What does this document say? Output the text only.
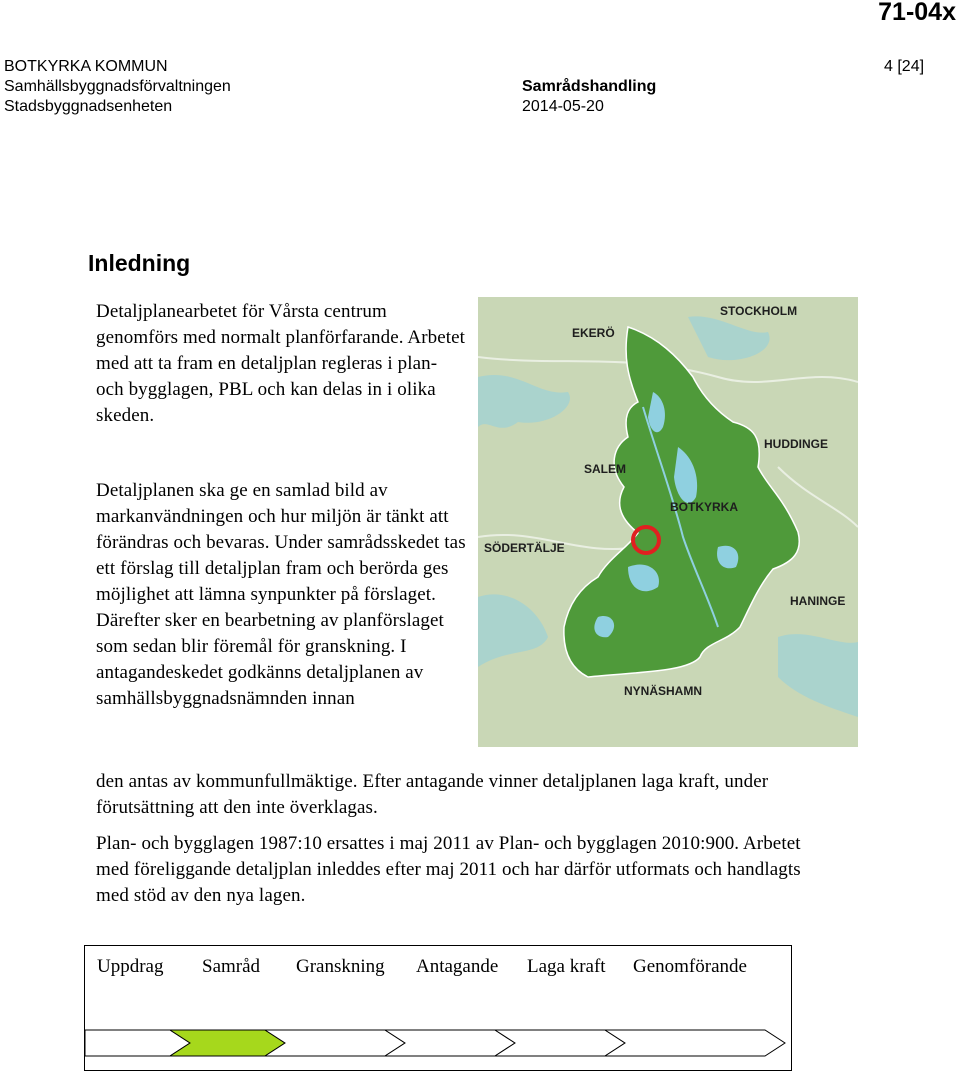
71-04x
BOTKYRKA KOMMUN
Samhällsbyggnadsförvaltningen
Stadsbyggnadsenheten
Samrådshandling
2014-05-20
4 [24]
Inledning

Detaljplanearbetet för Vårsta centrum genomförs med normalt planförfarande. Arbetet med att ta fram en detaljplan regleras i plan- och bygglagen, PBL och kan delas in i olika skeden.

Detaljplanen ska ge en samlad bild av markanvändningen och hur miljön är tänkt att förändras och bevaras. Under samrådsskedet tas ett förslag till detaljplan fram och berörda ges möjlighet att lämna synpunkter på förslaget. Därefter sker en bearbetning av planförslaget som sedan blir föremål för granskning. I antagandeskedet godkänns detaljplanen av samhällsbyggnadsnämnden innan

den antas av kommunfullmäktige. Efter antagande vinner detaljplanen laga kraft, under förutsättning att den inte överklagas.

Plan- och bygglagen 1987:10 ersattes i maj 2011 av Plan- och bygglagen 2010:900. Arbetet med föreliggande detaljplan inleddes efter maj 2011 och har därför utformats och handlagts med stöd av den nya lagen.

EKERÖ
STOCKHOLM
HUDDINGE
SALEM
BOTKYRKA
SÖDERTÄLJE
HANINGE
NYNÄSHAMN
Uppdrag Samråd Granskning Antagande Laga kraft Genomförande
